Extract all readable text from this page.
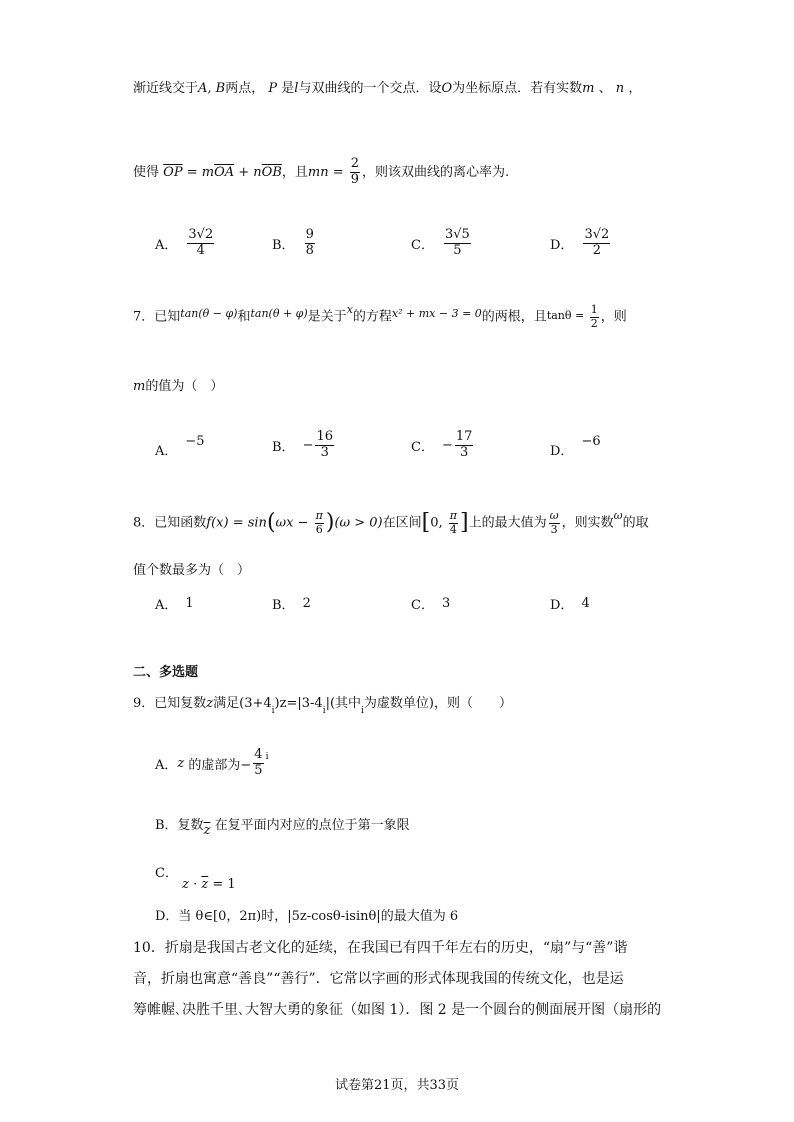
渐近线交于A, B两点， P 是l与双曲线的一个交点．设O为坐标原点．若有实数m 、 n ，
使得 $\overline{OP} = m\overline{OA} + n\overline{OB}$，且mn = $\frac{2}{9}$ ，则该双曲线的离心率为.
A． $\frac{3√2}{4}$	B． $\frac{9}{8}$	C． $\frac{3√5}{5}$	D． $\frac{3√2}{2}$
7．已知$^{tan(\theta - \varphi)}$和$^{tan(\theta + \varphi)}$是关于$^x$的方程$^{x^2 + mx - 3 = 0}$的两根，且$\tan\theta = \frac{1}{2}$ ，则
m的值为（　）
A．
−5	B． − $\frac{16}{3}$	C． − $\frac{17}{3}$	D．
−6
8．已知函数$f(x) = \sin(\omega x - \frac{\pi}{6} )(\omega > 0)$在区间[0, $\frac{\pi}{4}$ ]上的最大值为 $\frac{\omega}{3}$ ，则实数$^\omega$的取
值个数最多为（　）
A． 1	B． 2	C． 3	D． 4
二、多选题
9．已知复数z满足$(3+4_i)z=|3-4_i|$(其中$_i$为虚数单位)，则（　　）
A． z
的虚部为− $\frac{4}{5}$ i
B．复数$\overline{z}$ 在复平面内对应的点位于第一象限
C． $z \cdot \overline{z} = 1$
D．当 θ∈[0，2π)时，|5z-cosθ-isinθ|的最大值为 6
10．折扇是我国古老文化的延续，在我国已有四千年左右的历史，“扇”与“善”谐
音，折扇也寓意“善良”“善行”．它常以字画的形式体现我国的传统文化，也是运
筹帷幄､决胜千里､大智大勇的象征（如图 1）．图 2 是一个圆台的侧面展开图（扇形的
试卷第21页，共33页
